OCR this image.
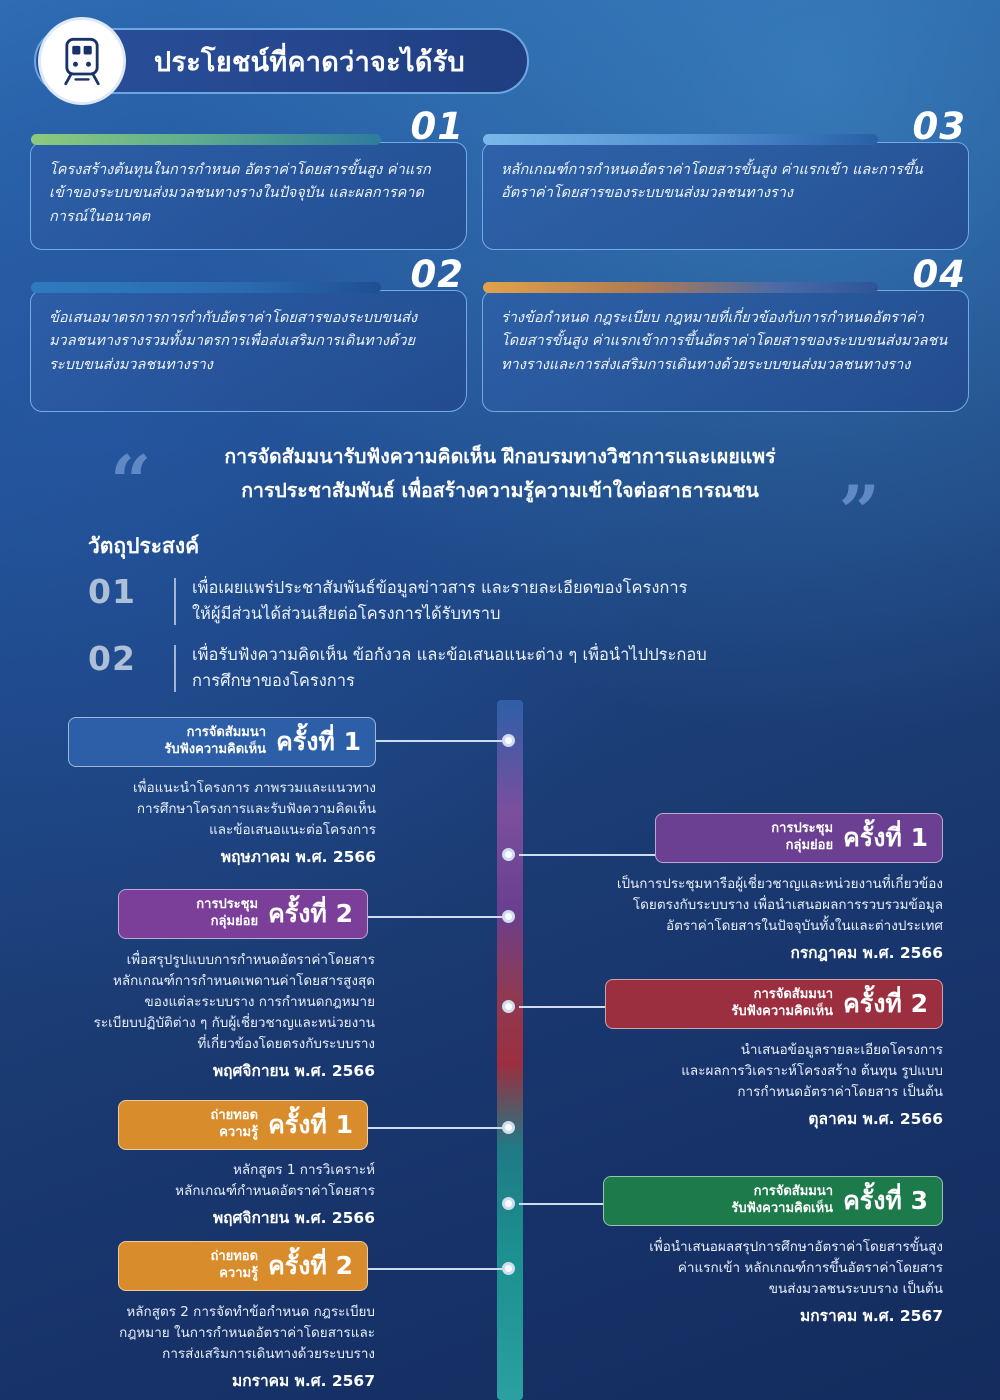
ประโยชน์ที่คาดว่าจะได้รับ
01
โครงสร้างต้นทุนในการกำหนด อัตราค่าโดยสารขั้นสูง ค่าแรกเข้าของระบบขนส่งมวลชนทางรางในปัจจุบัน และผลการคาดการณ์ในอนาคต
02
ข้อเสนอมาตรการการกำกับอัตราค่าโดยสารของระบบขนส่งมวลชนทางรางรวมทั้งมาตรการเพื่อส่งเสริมการเดินทางด้วยระบบขนส่งมวลชนทางราง
03
หลักเกณฑ์การกำหนดอัตราค่าโดยสารขั้นสูง ค่าแรกเข้า และการขึ้นอัตราค่าโดยสารของระบบขนส่งมวลชนทางราง
04
ร่างข้อกำหนด กฎระเบียบ กฎหมายที่เกี่ยวข้องกับการกำหนดอัตราค่าโดยสารขั้นสูง ค่าแรกเข้าการขึ้นอัตราค่าโดยสารของระบบขนส่งมวลชนทางรางและการส่งเสริมการเดินทางด้วยระบบขนส่งมวลชนทางราง
“	”
การจัดสัมมนารับฟังความคิดเห็น ฝึกอบรมทางวิชาการและเผยแพร่
การประชาสัมพันธ์ เพื่อสร้างความรู้ความเข้าใจต่อสาธารณชน
วัตถุประสงค์
01	เพื่อเผยแพร่ประชาสัมพันธ์ข้อมูลข่าวสาร และรายละเอียดของโครงการ
ให้ผู้มีส่วนได้ส่วนเสียต่อโครงการได้รับทราบ
02	เพื่อรับฟังความคิดเห็น ข้อกังวล และข้อเสนอแนะต่าง ๆ เพื่อนำไปประกอบ
การศึกษาของโครงการ
การจัดสัมมนา
รับฟังความคิดเห็น ครั้งที่ 1
เพื่อแนะนำโครงการ ภาพรวมและแนวทาง
การศึกษาโครงการและรับฟังความคิดเห็น
และข้อเสนอแนะต่อโครงการ
พฤษภาคม พ.ศ. 2566
การประชุม
กลุ่มย่อย ครั้งที่ 1
เป็นการประชุมหารือผู้เชี่ยวชาญและหน่วยงานที่เกี่ยวข้อง
โดยตรงกับระบบราง เพื่อนำเสนอผลการรวบรวมข้อมูล
อัตราค่าโดยสารในปัจจุบันทั้งในและต่างประเทศ
กรกฎาคม พ.ศ. 2566
การประชุม
กลุ่มย่อย ครั้งที่ 2
เพื่อสรุปรูปแบบการกำหนดอัตราค่าโดยสาร
หลักเกณฑ์การกำหนดเพดานค่าโดยสารสูงสุด
ของแต่ละระบบราง การกำหนดกฎหมาย
ระเบียบปฏิบัติต่าง ๆ กับผู้เชี่ยวชาญและหน่วยงาน
ที่เกี่ยวข้องโดยตรงกับระบบราง
พฤศจิกายน พ.ศ. 2566
การจัดสัมมนา
รับฟังความคิดเห็น ครั้งที่ 2
นำเสนอข้อมูลรายละเอียดโครงการ
และผลการวิเคราะห์โครงสร้าง ต้นทุน รูปแบบ
การกำหนดอัตราค่าโดยสาร เป็นต้น
ตุลาคม พ.ศ. 2566
ถ่ายทอด
ความรู้ ครั้งที่ 1
หลักสูตร 1 การวิเคราะห์
หลักเกณฑ์กำหนดอัตราค่าโดยสาร
พฤศจิกายน พ.ศ. 2566
การจัดสัมมนา
รับฟังความคิดเห็น ครั้งที่ 3
เพื่อนำเสนอผลสรุปการศึกษาอัตราค่าโดยสารขั้นสูง
ค่าแรกเข้า หลักเกณฑ์การขึ้นอัตราค่าโดยสาร
ขนส่งมวลชนระบบราง เป็นต้น
มกราคม พ.ศ. 2567
ถ่ายทอด
ความรู้ ครั้งที่ 2
หลักสูตร 2 การจัดทำข้อกำหนด กฎระเบียบ
กฎหมาย ในการกำหนดอัตราค่าโดยสารและ
การส่งเสริมการเดินทางด้วยระบบราง
มกราคม พ.ศ. 2567
